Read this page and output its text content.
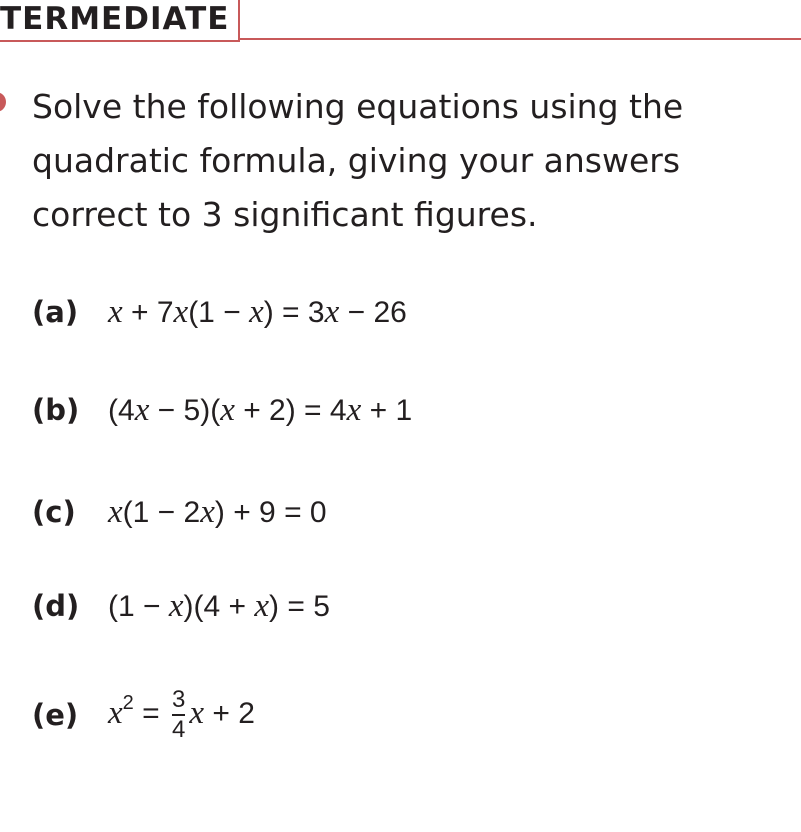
TERMEDIATE
Solve the following equations using the
quadratic formula, giving your answers
correct to 3 significant figures.
(a) x + 7x(1 − x) = 3x − 26
(b) (4x − 5)(x + 2) = 4x + 1
(c) x(1 − 2x) + 9 = 0
(d) (1 − x)(4 + x) = 5
(e) $x^2 = \frac{3}{4}$ x + 2
